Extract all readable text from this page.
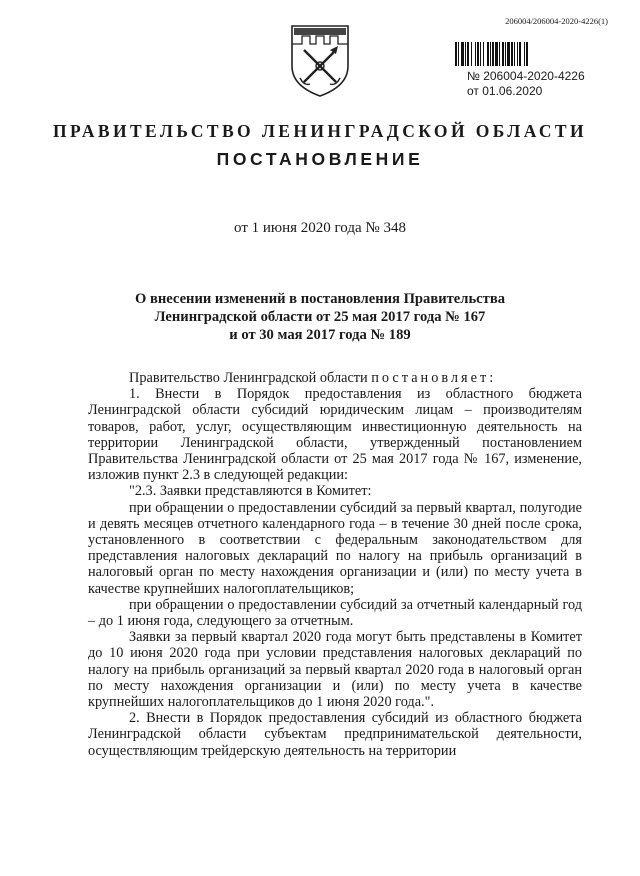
206004/206004-2020-4226(1)
№ 206004-2020-4226
от 01.06.2020
ПРАВИТЕЛЬСТВО ЛЕНИНГРАДСКОЙ ОБЛАСТИ
ПОСТАНОВЛЕНИЕ
от 1 июня 2020 года № 348
О внесении изменений в постановления Правительства
Ленинградской области от 25 мая 2017 года № 167
и от 30 мая 2017 года № 189

Правительство Ленинградской области постановляет:

1. Внести в Порядок предоставления из областного бюджета Ленинградской области субсидий юридическим лицам – производителям товаров, работ, услуг, осуществляющим инвестиционную деятельность на территории Ленинградской области, утвержденный постановлением Правительства Ленинградской области от 25 мая 2017 года № 167, изменение, изложив пункт 2.3 в следующей редакции:

"2.3. Заявки представляются в Комитет:

при обращении о предоставлении субсидий за первый квартал, полугодие и девять месяцев отчетного календарного года – в течение 30 дней после срока, установленного в соответствии с федеральным законодательством для представления налоговых деклараций по налогу на прибыль организаций в налоговый орган по месту нахождения организации и (или) по месту учета в качестве крупнейших налогоплательщиков;

при обращении о предоставлении субсидий за отчетный календарный год – до 1 июня года, следующего за отчетным.

Заявки за первый квартал 2020 года могут быть представлены в Комитет до 10 июня 2020 года при условии представления налоговых деклараций по налогу на прибыль организаций за первый квартал 2020 года в налоговый орган по месту нахождения организации и (или) по месту учета в качестве крупнейших налогоплательщиков до 1 июня 2020 года.".

2. Внести в Порядок предоставления субсидий из областного бюджета Ленинградской области субъектам предпринимательской деятельности, осуществляющим трейдерскую деятельность на территории
